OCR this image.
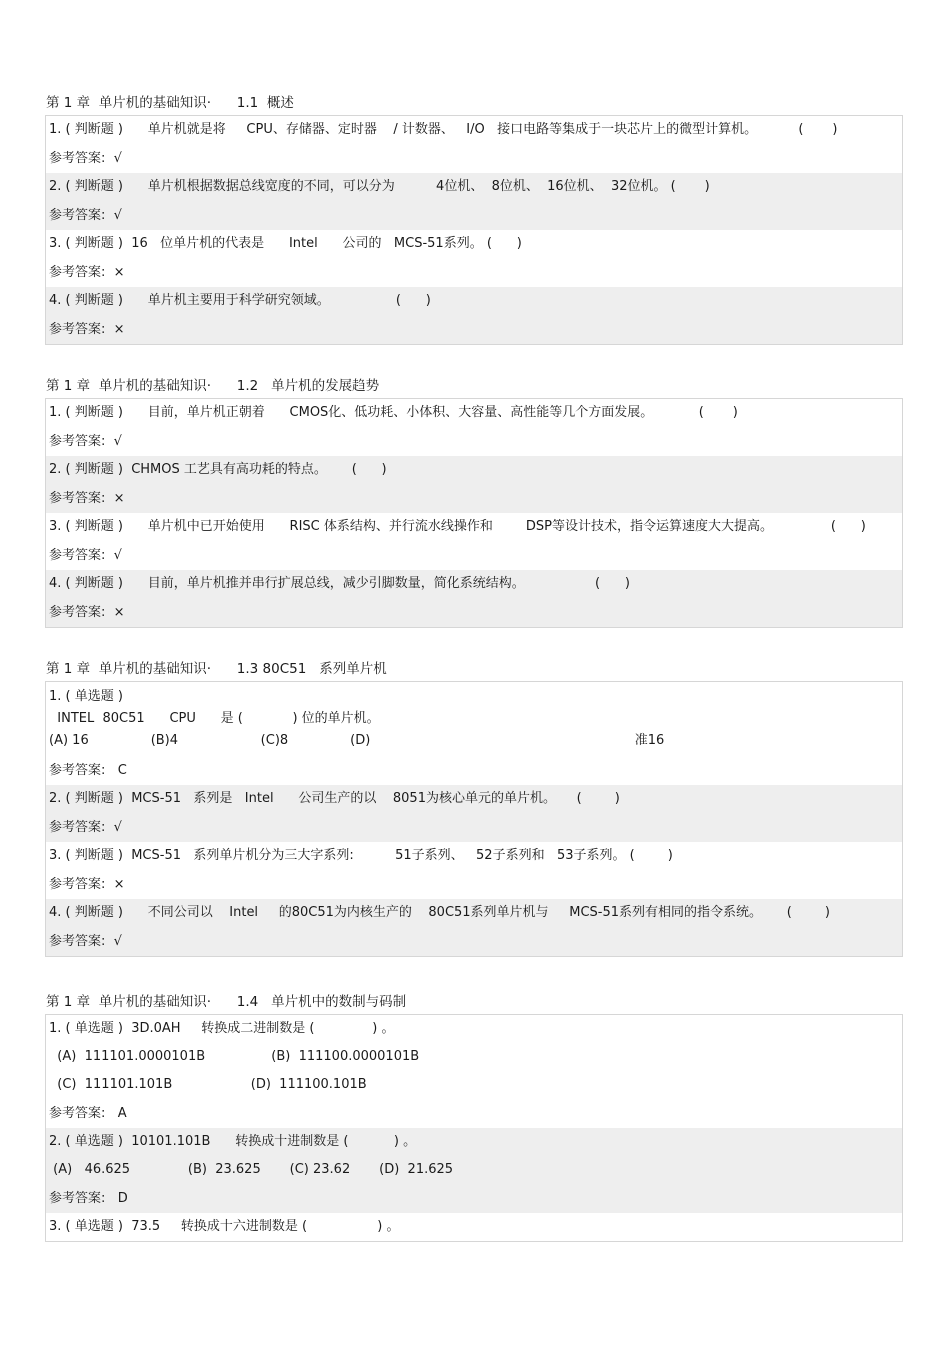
第 1 章  单片机的基础知识·      1.1  概述
1. ( 判断题 )      单片机就是将     CPU、存储器、定时器    / 计数器、   I/O   接口电路等集成于一块芯片上的微型计算机。          (       )
参考答案:  √
2. ( 判断题 )      单片机根据数据总线宽度的不同，可以分为          4位机、  8位机、  16位机、  32位机。 (       )
参考答案:  √
3. ( 判断题 )  16   位单片机的代表是      Intel      公司的   MCS-51系列。 (      )
参考答案:  ×
4. ( 判断题 )      单片机主要用于科学研究领域。                (      )
参考答案:  ×
第 1 章  单片机的基础知识·      1.2   单片机的发展趋势
1. ( 判断题 )      目前，单片机正朝着      CMOS化、低功耗、小体积、大容量、高性能等几个方面发展。           (       )
参考答案:  √
2. ( 判断题 )  CHMOS 工艺具有高功耗的特点。      (      )
参考答案:  ×
3. ( 判断题 )      单片机中已开始使用      RISC 体系结构、并行流水线操作和        DSP等设计技术，指令运算速度大大提高。              (      )
参考答案:  √
4. ( 判断题 )      目前，单片机推并串行扩展总线，减少引脚数量，简化系统结构。                 (      )
参考答案:  ×
第 1 章  单片机的基础知识·      1.3 80C51   系列单片机
1. ( 单选题 )
INTEL  80C51      CPU      是 (            ) 位的单片机。
(A) 16               (B)4                    (C)8               (D)                                                                准16
参考答案:   C
2. ( 判断题 )  MCS-51   系列是   Intel      公司生产的以    8051为核心单元的单片机。     (        )
参考答案:  √
3. ( 判断题 )  MCS-51   系列单片机分为三大字系列:          51子系列、   52子系列和   53子系列。 (        )
参考答案:  ×
4. ( 判断题 )      不同公司以    Intel     的80C51为内核生产的    80C51系列单片机与     MCS-51系列有相同的指令系统。      (        )
参考答案:  √
第 1 章  单片机的基础知识·      1.4   单片机中的数制与码制
1. ( 单选题 )  3D.0AH     转换成二进制数是 (              ) 。
(A)  111101.0000101B                (B)  111100.0000101B
(C)  111101.101B                   (D)  111100.101B
参考答案:   A
2. ( 单选题 )  10101.101B      转换成十进制数是 (           ) 。
(A)   46.625              (B)  23.625       (C) 23.62       (D)  21.625
参考答案:   D
3. ( 单选题 )  73.5     转换成十六进制数是 (                 ) 。
